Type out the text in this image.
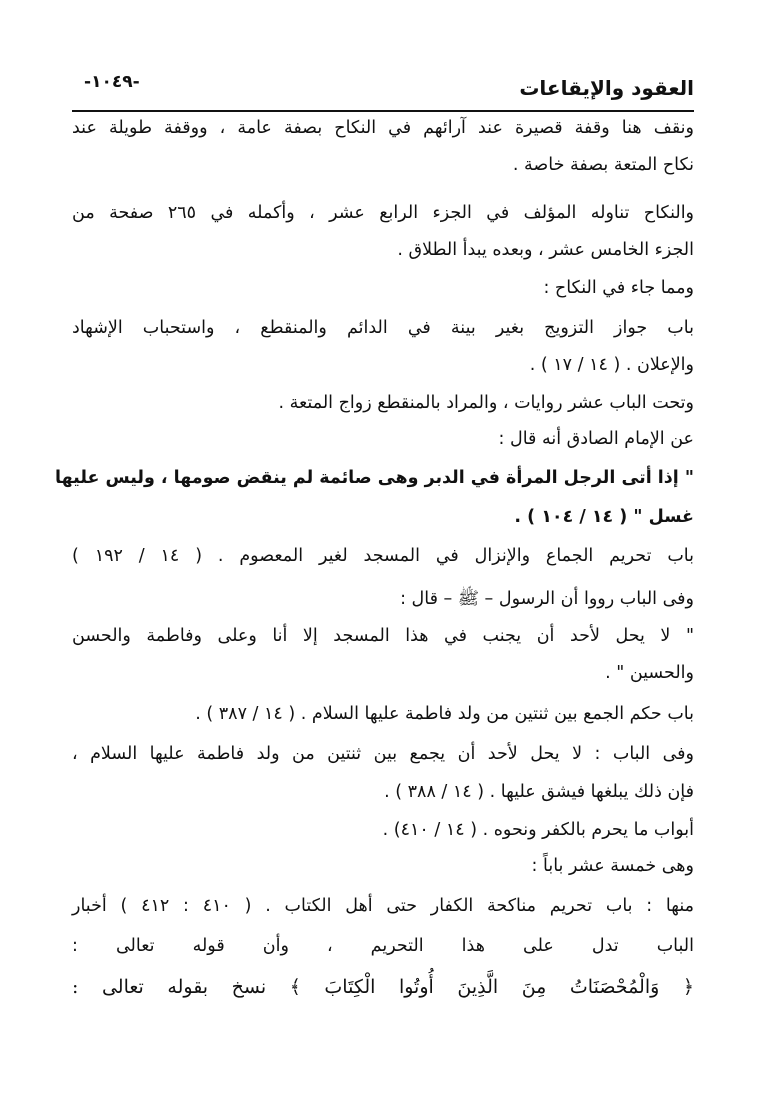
العقود والإيقاعات
-١٠٤٩-
ونقف هنا وقفة قصيرة عند آرائهم في النكاح بصفة عامة ، ووقفة طويلة عند
نكاح المتعة بصفة خاصة .
والنكاح تناوله المؤلف في الجزء الرابع عشر ، وأكمله في ٢٦٥ صفحة من
الجزء الخامس عشر ، وبعده يبدأ الطلاق .
ومما جاء في النكاح :
باب جواز التزويج بغير بينة في الدائم والمنقطع ، واستحباب الإشهاد
والإعلان . ( ١٤ / ١٧ ) .
وتحت الباب عشر روايات ، والمراد بالمنقطع زواج المتعة .
عن الإمام الصادق أنه قال :
" إذا أتى الرجل المرأة في الدبر وهى صائمة لم ينقض صومها ، وليس عليها
غسل " ( ١٤ / ١٠٤ ) .
باب تحريم الجماع والإنزال في المسجد لغير المعصوم . ( ١٤ / ١٩٢ )
وفى الباب رووا أن الرسول – ﷺ – قال :
" لا يحل لأحد أن يجنب في هذا المسجد إلا أنا وعلى وفاطمة والحسن
والحسين " .
باب حكم الجمع بين ثنتين من ولد فاطمة عليها السلام . ( ١٤ / ٣٨٧ ) .
وفى الباب : لا يحل لأحد أن يجمع بين ثنتين من ولد فاطمة عليها السلام ،
فإن ذلك يبلغها فيشق عليها . ( ١٤ / ٣٨٨ ) .
أبواب ما يحرم بالكفر ونحوه . ( ١٤ / ٤١٠) .
وهى خمسة عشر باباً :
منها : باب تحريم مناكحة الكفار حتى أهل الكتاب . ( ٤١٠ : ٤١٢ ) أخبار
الباب تدل على هذا التحريم ، وأن قوله تعالى :
﴿ وَالْمُحْصَنَاتُ مِنَ الَّذِينَ أُوتُوا الْكِتَابَ ﴾ نسخ بقوله تعالى :
